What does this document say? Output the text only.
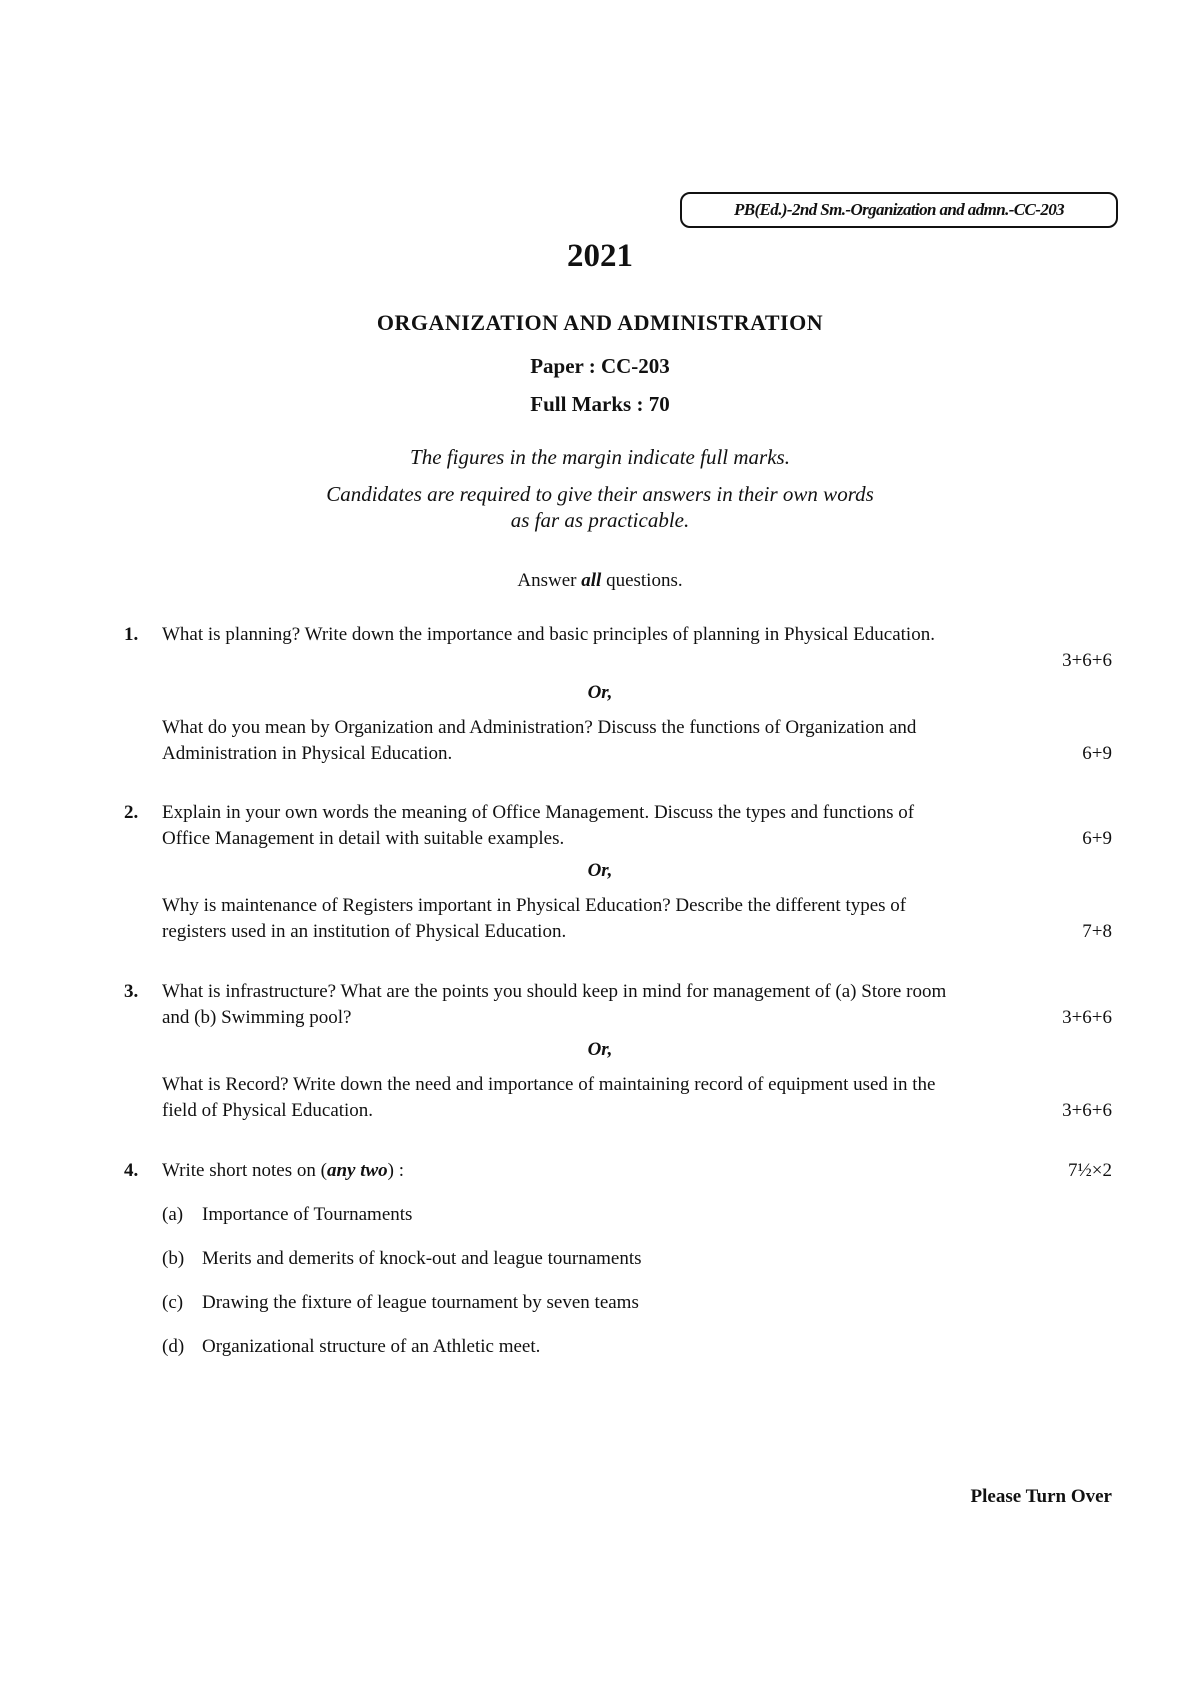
PB(Ed.)-2nd Sm.-Organization and admn.-CC-203
2021
ORGANIZATION AND ADMINISTRATION
Paper : CC-203
Full Marks : 70
The figures in the margin indicate full marks.
Candidates are required to give their answers in their own words
as far as practicable.
Answer all questions.
1. What is planning? Write down the importance and basic principles of planning in Physical Education.
3+6+6
Or,
What do you mean by Organization and Administration? Discuss the functions of Organization and
Administration in Physical Education.	6+9
2. Explain in your own words the meaning of Office Management. Discuss the types and functions of
Office Management in detail with suitable examples.	6+9
Or,
Why is maintenance of Registers important in Physical Education? Describe the different types of
registers used in an institution of Physical Education.	7+8
3. What is infrastructure? What are the points you should keep in mind for management of (a) Store room
and (b) Swimming pool?	3+6+6
Or,
What is Record? Write down the need and importance of maintaining record of equipment used in the
field of Physical Education.	3+6+6
4. Write short notes on (any two) :	7½×2
(a) Importance of Tournaments
(b) Merits and demerits of knock-out and league tournaments
(c) Drawing the fixture of league tournament by seven teams
(d) Organizational structure of an Athletic meet.
Please Turn Over
